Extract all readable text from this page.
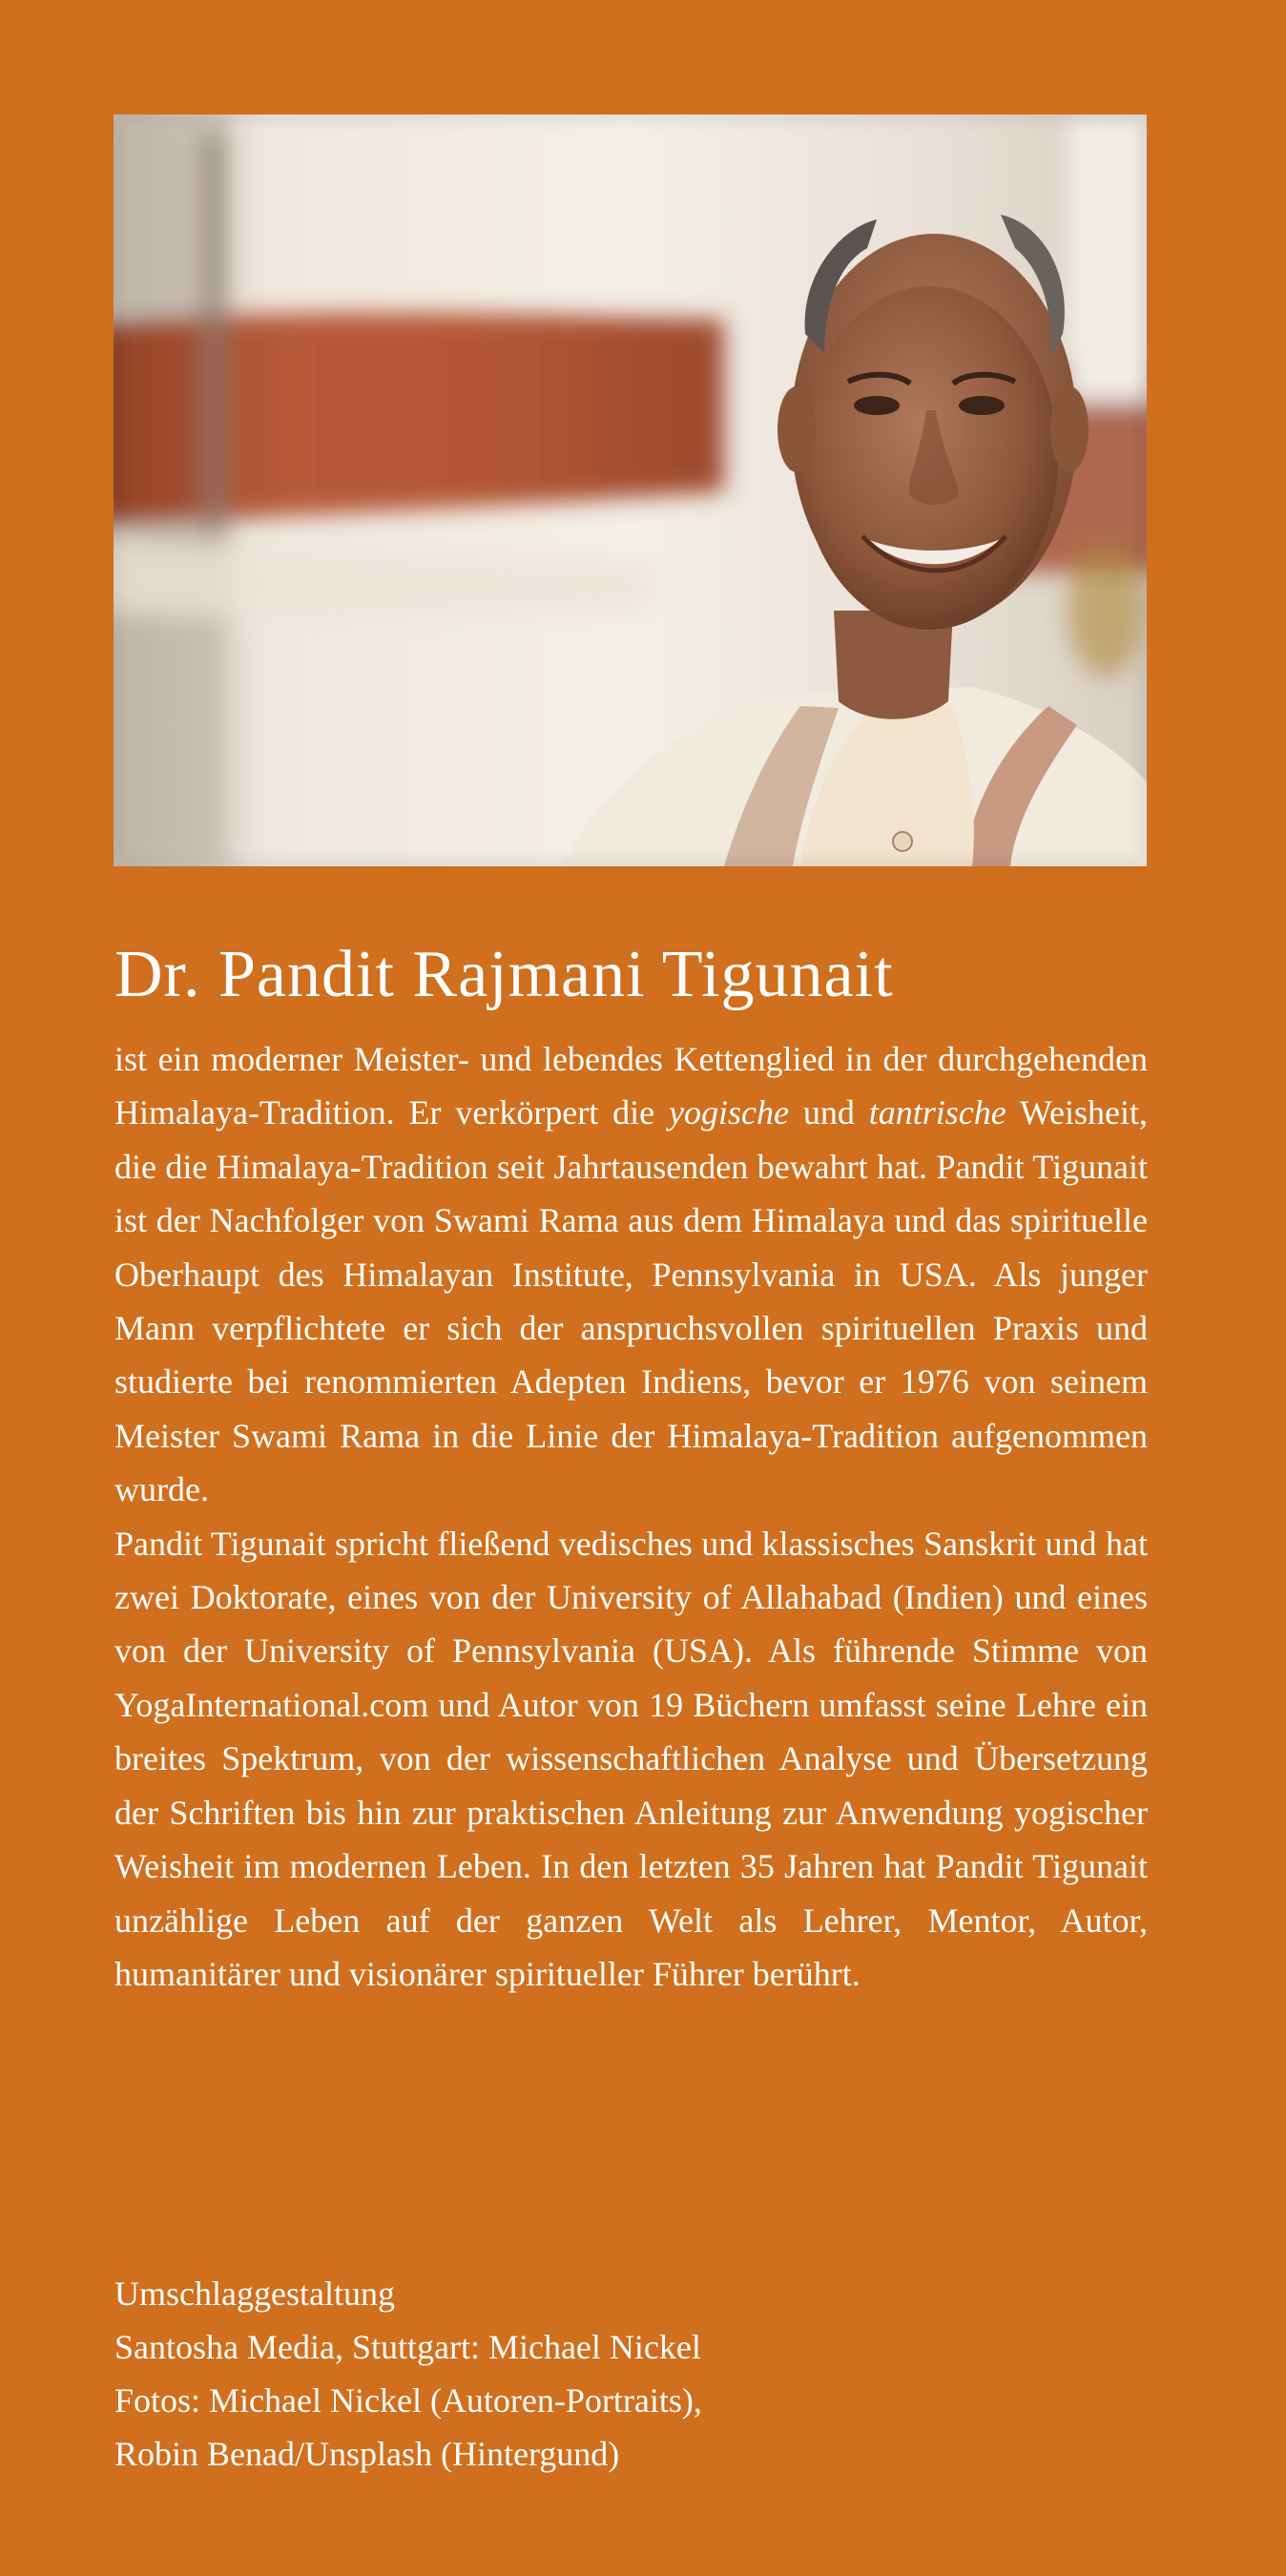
Dr. Pandit Rajmani Tigunait

ist ein moderner Meister- und lebendes Kettenglied in der durchgehenden Himalaya-Tradition. Er verkörpert die yogische und tantrische Weisheit, die die Himalaya-Tradition seit Jahrtausenden bewahrt hat. Pandit Tigunait ist der Nachfolger von Swami Rama aus dem Himalaya und das spirituelle Oberhaupt des Himalayan Institute, Pennsylvania in USA. Als junger Mann verpflichtete er sich der anspruchsvollen spirituellen Praxis und studierte bei renommierten Adepten Indiens, bevor er 1976 von seinem Meister Swami Rama in die Linie der Himalaya-Tradition aufgenommen wurde.

Pandit Tigunait spricht fließend vedisches und klassisches Sanskrit und hat zwei Doktorate, eines von der University of Allahabad (Indien) und eines von der University of Pennsylvania (USA). Als führende Stimme von YogaInternational.com und Autor von 19 Büchern umfasst seine Lehre ein breites Spektrum, von der wissenschaftlichen Analyse und Übersetzung der Schriften bis hin zur praktischen Anleitung zur Anwendung yogischer Weisheit im modernen Leben. In den letzten 35 Jahren hat Pandit Tigunait unzählige Leben auf der ganzen Welt als Lehrer, Mentor, Autor, humanitärer und visionärer spiritueller Führer berührt.

Umschlaggestaltung
Santosha Media, Stuttgart: Michael Nickel
Fotos: Michael Nickel (Autoren-Portraits),
Robin Benad/Unsplash (Hintergund)
